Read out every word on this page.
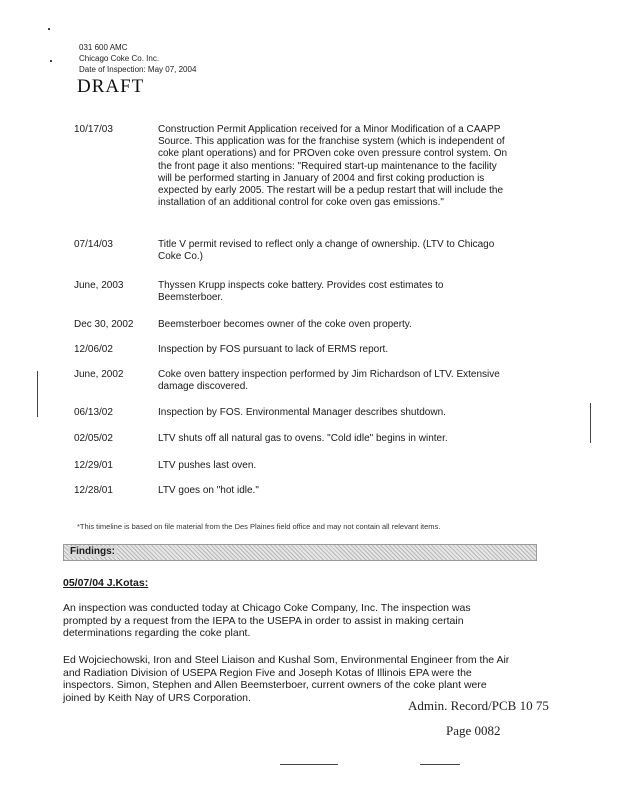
031 600 AMC
Chicago Coke Co. Inc.
Date of Inspection: May 07, 2004
DRAFT
10/17/03	Construction Permit Application received for a Minor Modification of a CAAPP Source. This application was for the franchise system (which is independent of coke plant operations) and for PROven coke oven pressure control system. On the front page it also mentions: "Required start-up maintenance to the facility will be performed starting in January of 2004 and first coking production is expected by early 2005. The restart will be a pedup restart that will include the installation of an additional control for coke oven gas emissions."
07/14/03	Title V permit revised to reflect only a change of ownership. (LTV to Chicago Coke Co.)
June, 2003	Thyssen Krupp inspects coke battery. Provides cost estimates to Beemsterboer.
Dec 30, 2002 Beemsterboer becomes owner of the coke oven property.
12/06/02	Inspection by FOS pursuant to lack of ERMS report.
June, 2002	Coke oven battery inspection performed by Jim Richardson of LTV. Extensive damage discovered.
06/13/02	Inspection by FOS. Environmental Manager describes shutdown.
02/05/02	LTV shuts off all natural gas to ovens. "Cold idle" begins in winter.
12/29/01	LTV pushes last oven.
12/28/01	LTV goes on "hot idle."
*This timeline is based on file material from the Des Plaines field office and may not contain all relevant items.
Findings:
05/07/04 J.Kotas:
An inspection was conducted today at Chicago Coke Company, Inc. The inspection was prompted by a request from the IEPA to the USEPA in order to assist in making certain determinations regarding the coke plant.
Ed Wojciechowski, Iron and Steel Liaison and Kushal Som, Environmental Engineer from the Air and Radiation Division of USEPA Region Five and Joseph Kotas of Illinois EPA were the inspectors. Simon, Stephen and Allen Beemsterboer, current owners of the coke plant were joined by Keith Nay of URS Corporation.
Admin. Record/PCB 10 75
Page 0082
